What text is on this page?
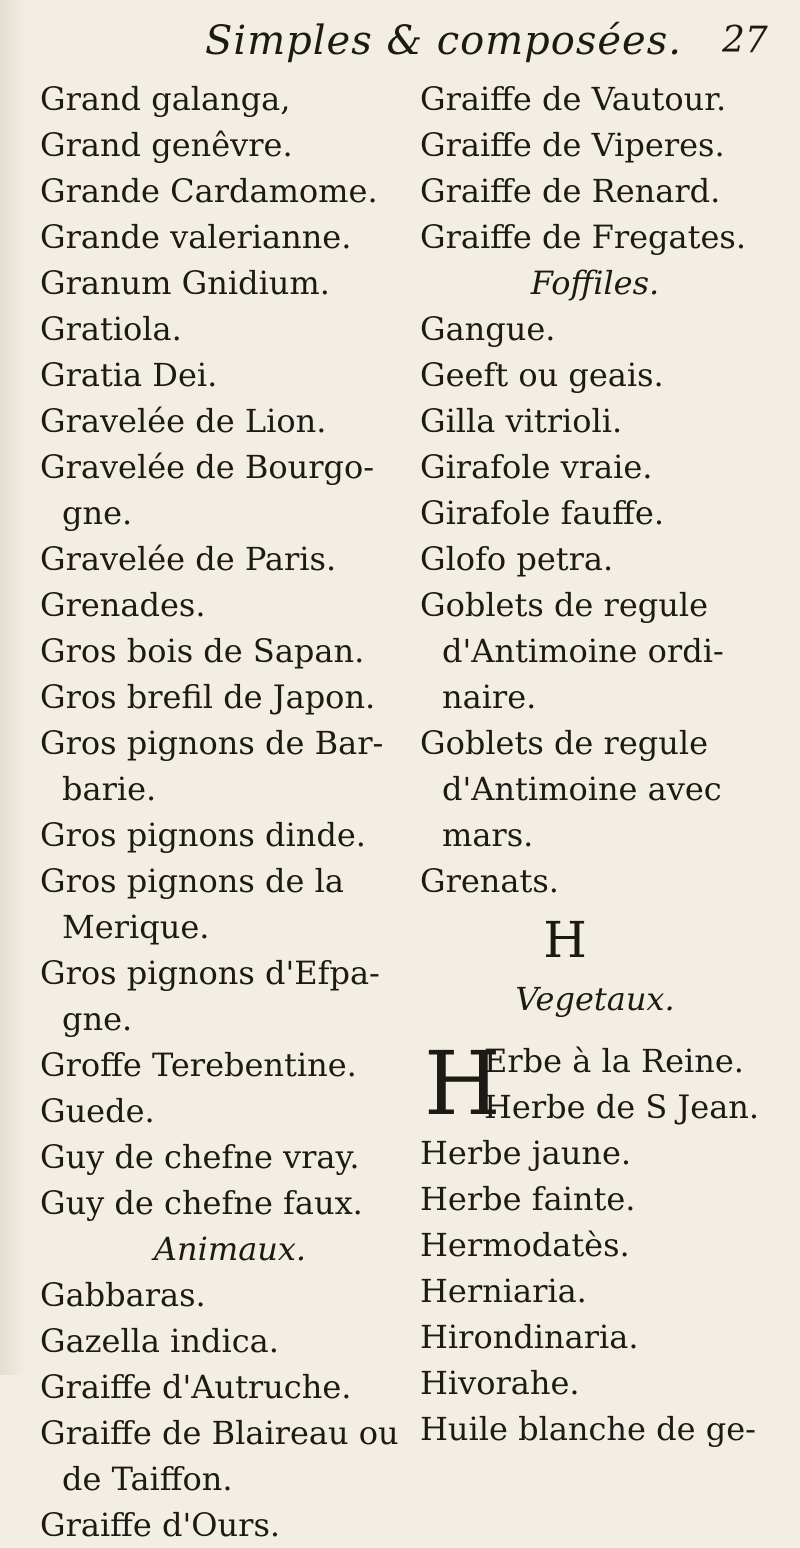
Simples & composées. 27
Grand galanga,
Grand genêvre.
Grande Cardamome.
Grande valerianne.
Granum Gnidium.
Gratiola.
Gratia Dei.
Gravelée de Lion.
Gravelée de Bourgo-
gne.
Gravelée de Paris.
Grenades.
Gros bois de Sapan.
Gros brefil de Japon.
Gros pignons de Bar-
barie.
Gros pignons dinde.
Gros pignons de la
Merique.
Gros pignons d'Efpa-
gne.
Groffe Terebentine.
Guede.
Guy de chefne vray.
Guy de chefne faux.
Animaux.
Gabbaras.
Gazella indica.
Graiffe d'Autruche.
Graiffe de Blaireau ou
de Taiffon.
Graiffe d'Ours.
Graiffe de Vautour.
Graiffe de Viperes.
Graiffe de Renard.
Graiffe de Fregates.
Foffiles.
Gangue.
Geeft ou geais.
Gilla vitrioli.
Girafole vraie.
Girafole fauffe.
Glofo petra.
Goblets de regule
d'Antimoine ordi-
naire.
Goblets de regule
d'Antimoine avec
mars.
Grenats.
H
Vegetaux.
H
Erbe à la Reine.
Herbe de S Jean.
Herbe jaune.
Herbe fainte.
Hermodatès.
Herniaria.
Hirondinaria.
Hivorahe.
Huile blanche de ge-
